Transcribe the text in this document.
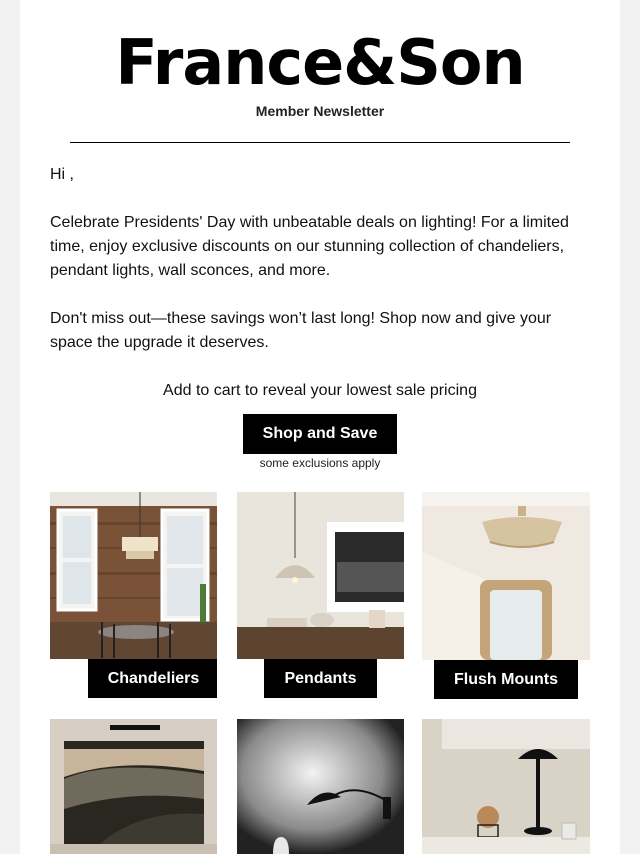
France&Son
Member Newsletter
Hi ,
Celebrate Presidents' Day with unbeatable deals on lighting! For a limited time, enjoy exclusive discounts on our stunning collection of chandeliers, pendant lights, wall sconces, and more.
Don't miss out—these savings won’t last long! Shop now and give your space the upgrade it deserves.
Add to cart to reveal your lowest sale pricing
Shop and Save
some exclusions apply
Chandeliers	Pendants	Flush Mounts
